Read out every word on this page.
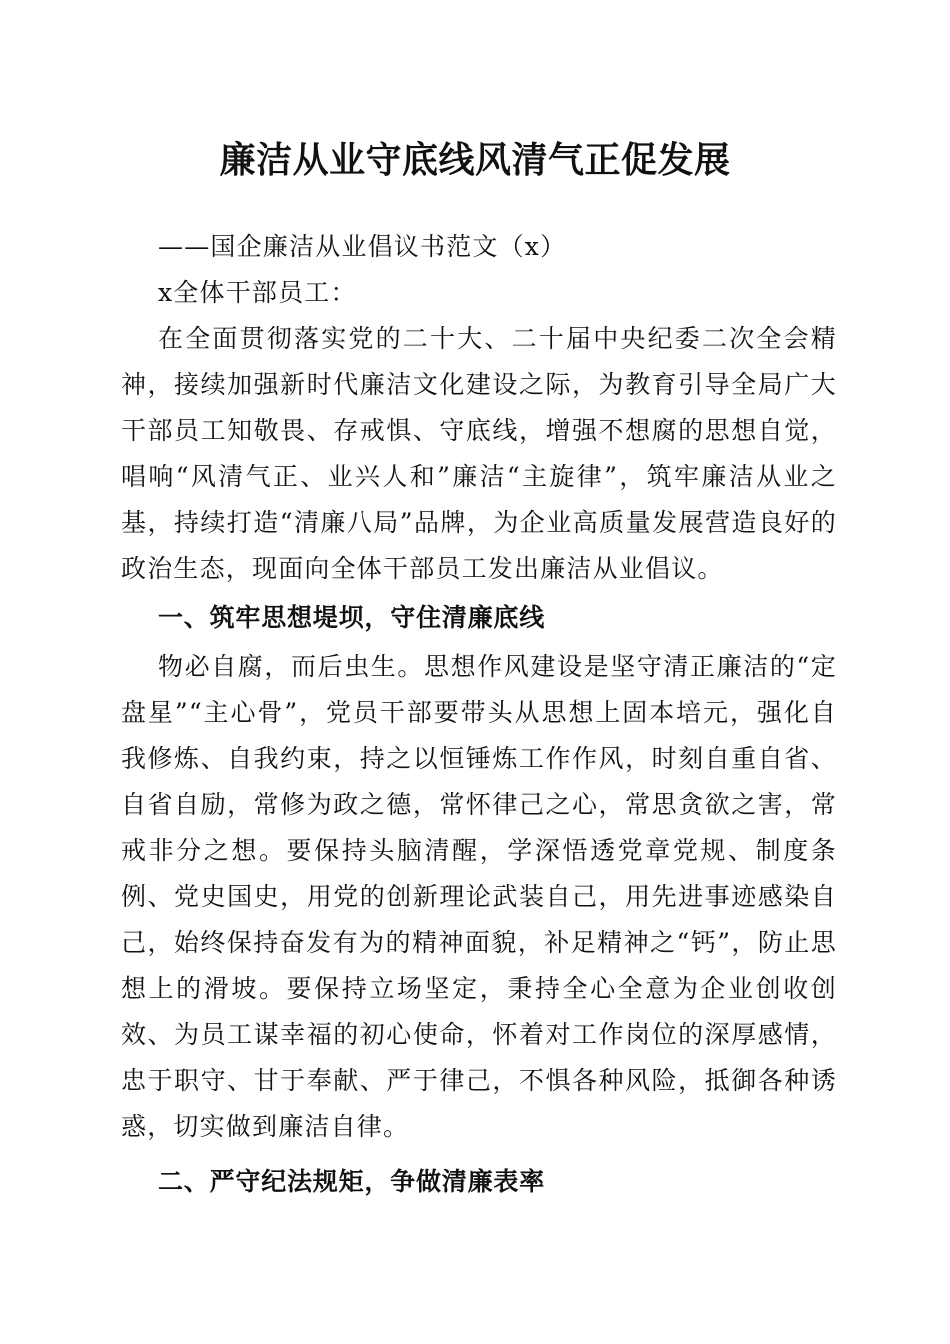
廉洁从业守底线风清气正促发展

——国企廉洁从业倡议书范文（x）

x全体干部员工：

在全面贯彻落实党的二十大、二十届中央纪委二次全会精神，接续加强新时代廉洁文化建设之际，为教育引导全局广大干部员工知敬畏、存戒惧、守底线，增强不想腐的思想自觉，唱响“风清气正、业兴人和”廉洁“主旋律”，筑牢廉洁从业之基，持续打造“清廉八局”品牌，为企业高质量发展营造良好的政治生态，现面向全体干部员工发出廉洁从业倡议。

一、筑牢思想堤坝，守住清廉底线

物必自腐，而后虫生。思想作风建设是坚守清正廉洁的“定盘星”“主心骨”，党员干部要带头从思想上固本培元，强化自我修炼、自我约束，持之以恒锤炼工作作风，时刻自重自省、自省自励，常修为政之德，常怀律己之心，常思贪欲之害，常戒非分之想。要保持头脑清醒，学深悟透党章党规、制度条例、党史国史，用党的创新理论武装自己，用先进事迹感染自己，始终保持奋发有为的精神面貌，补足精神之“钙”，防止思想上的滑坡。要保持立场坚定，秉持全心全意为企业创收创效、为员工谋幸福的初心使命，怀着对工作岗位的深厚感情，忠于职守、甘于奉献、严于律己，不惧各种风险，抵御各种诱惑，切实做到廉洁自律。

二、严守纪法规矩，争做清廉表率
